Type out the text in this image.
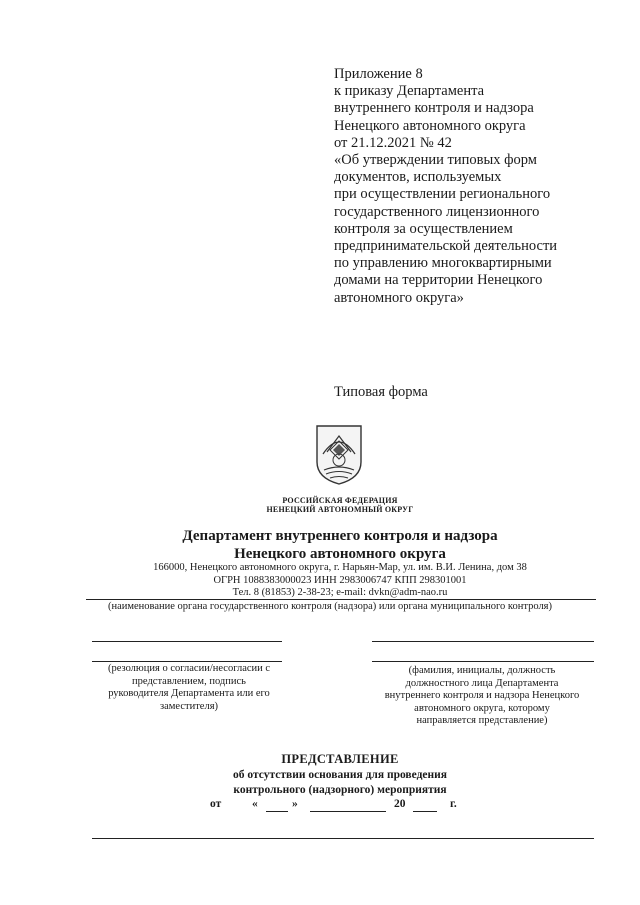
Приложение 8
к приказу Департамента
внутреннего контроля и надзора
Ненецкого автономного округа
от 21.12.2021 № 42
«Об утверждении типовых форм
документов, используемых
при осуществлении регионального
государственного лицензионного
контроля за осуществлением
предпринимательской деятельности
по управлению многоквартирными
домами на территории Ненецкого
автономного округа»
Типовая форма
РОССИЙСКАЯ ФЕДЕРАЦИЯ
НЕНЕЦКИЙ АВТОНОМНЫЙ ОКРУГ
Департамент внутреннего контроля и надзора
Ненецкого автономного округа
166000, Ненецкого автономного округа, г. Нарьян-Мар, ул. им. В.И. Ленина, дом 38
ОГРН 1088383000023 ИНН 2983006747 КПП 298301001
Тел. 8 (81853) 2-38-23; e-mail: dvkn@adm-nao.ru
(наименование органа государственного контроля (надзора) или органа муниципального контроля)
(резолюция о согласии/несогласии с
представлением, подпись
руководителя Департамента или его
заместителя)
(фамилия, инициалы, должность
должностного лица Департамента
внутреннего контроля и надзора Ненецкого
автономного округа, которому
направляется представление)
ПРЕДСТАВЛЕНИЕ
об отсутствии основания для проведения
контрольного (надзорного) мероприятия
от	«	»	20	г.
